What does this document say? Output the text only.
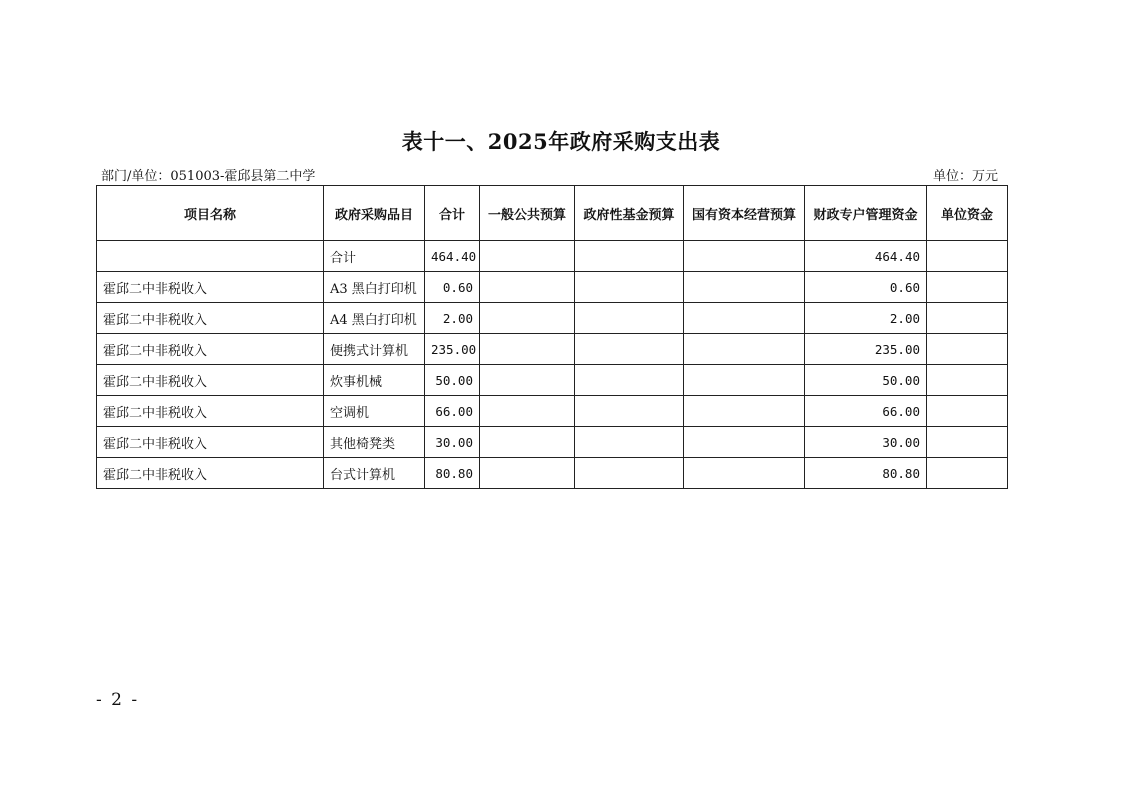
表十一、2025年政府采购支出表
部门/单位：051003-霍邱县第二中学	单位：万元
项目名称	政府采购品目	合计	一般公共预算	政府性基金预算	国有资本经营预算	财政专户管理资金	单位资金
	合计	464.40				464.40	
霍邱二中非税收入	A3 黑白打印机	0.60				0.60	
霍邱二中非税收入	A4 黑白打印机	2.00				2.00	
霍邱二中非税收入	便携式计算机	235.00				235.00	
霍邱二中非税收入	炊事机械	50.00				50.00	
霍邱二中非税收入	空调机	66.00				66.00	
霍邱二中非税收入	其他椅凳类	30.00				30.00	
霍邱二中非税收入	台式计算机	80.80				80.80	
- 2 -
